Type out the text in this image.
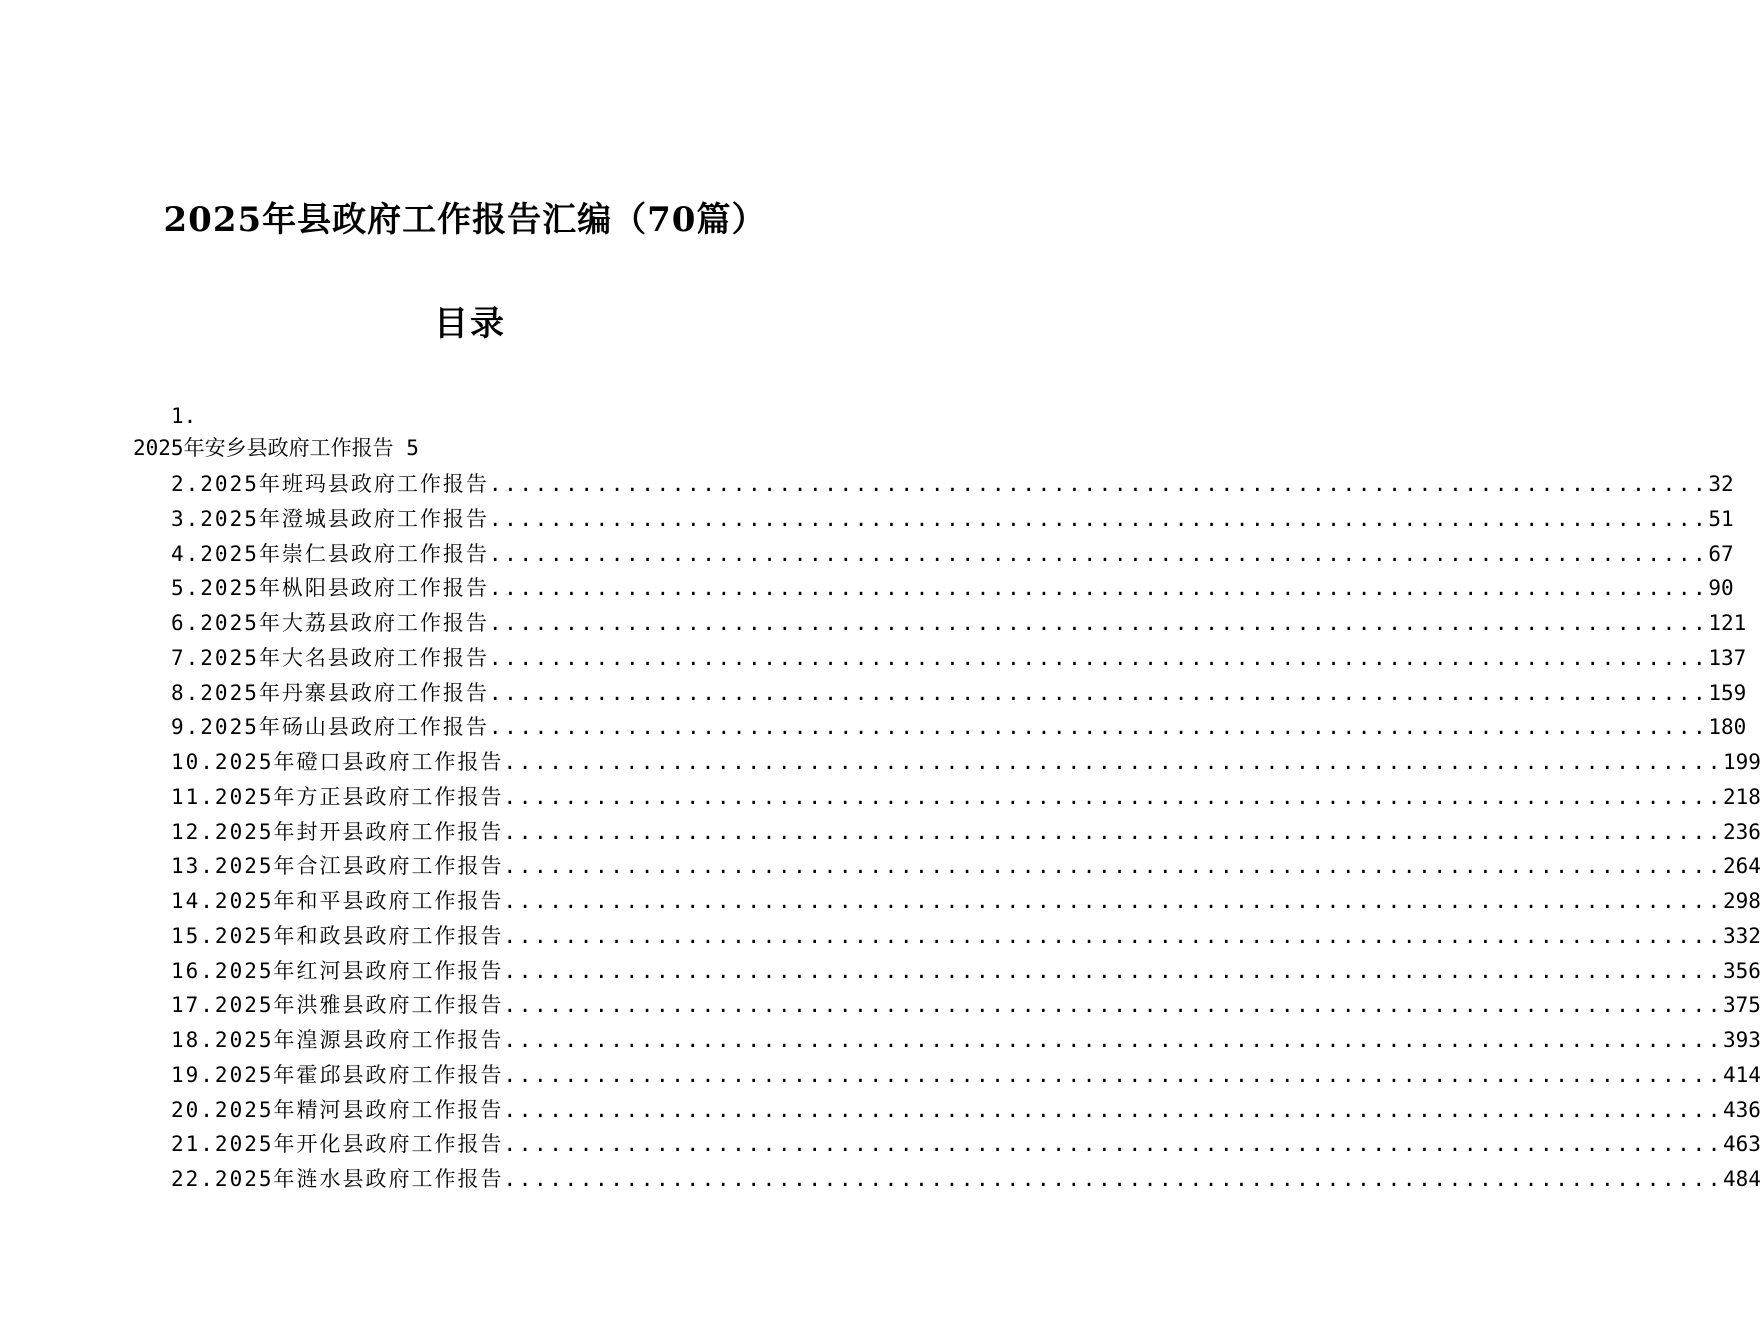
2025年县政府工作报告汇编（70篇）
目录
1.
2025年安乡县政府工作报告 5
2.2025年班玛县政府工作报告 ................................................................................ 32
3.2025年澄城县政府工作报告 ................................................................................ 51
4.2025年崇仁县政府工作报告 ................................................................................ 67
5.2025年枞阳县政府工作报告 ................................................................................ 90
6.2025年大荔县政府工作报告 ................................................................................ 121
7.2025年大名县政府工作报告 ................................................................................ 137
8.2025年丹寨县政府工作报告 ................................................................................ 159
9.2025年砀山县政府工作报告 ................................................................................ 180
10.2025年磴口县政府工作报告 ................................................................................ 199
11.2025年方正县政府工作报告 ................................................................................ 218
12.2025年封开县政府工作报告 ................................................................................ 236
13.2025年合江县政府工作报告 ................................................................................ 264
14.2025年和平县政府工作报告 ................................................................................ 298
15.2025年和政县政府工作报告 ................................................................................ 332
16.2025年红河县政府工作报告 ................................................................................ 356
17.2025年洪雅县政府工作报告 ................................................................................ 375
18.2025年湟源县政府工作报告 ................................................................................ 393
19.2025年霍邱县政府工作报告 ................................................................................ 414
20.2025年精河县政府工作报告 ................................................................................ 436
21.2025年开化县政府工作报告 ................................................................................ 463
22.2025年涟水县政府工作报告 ................................................................................ 484
